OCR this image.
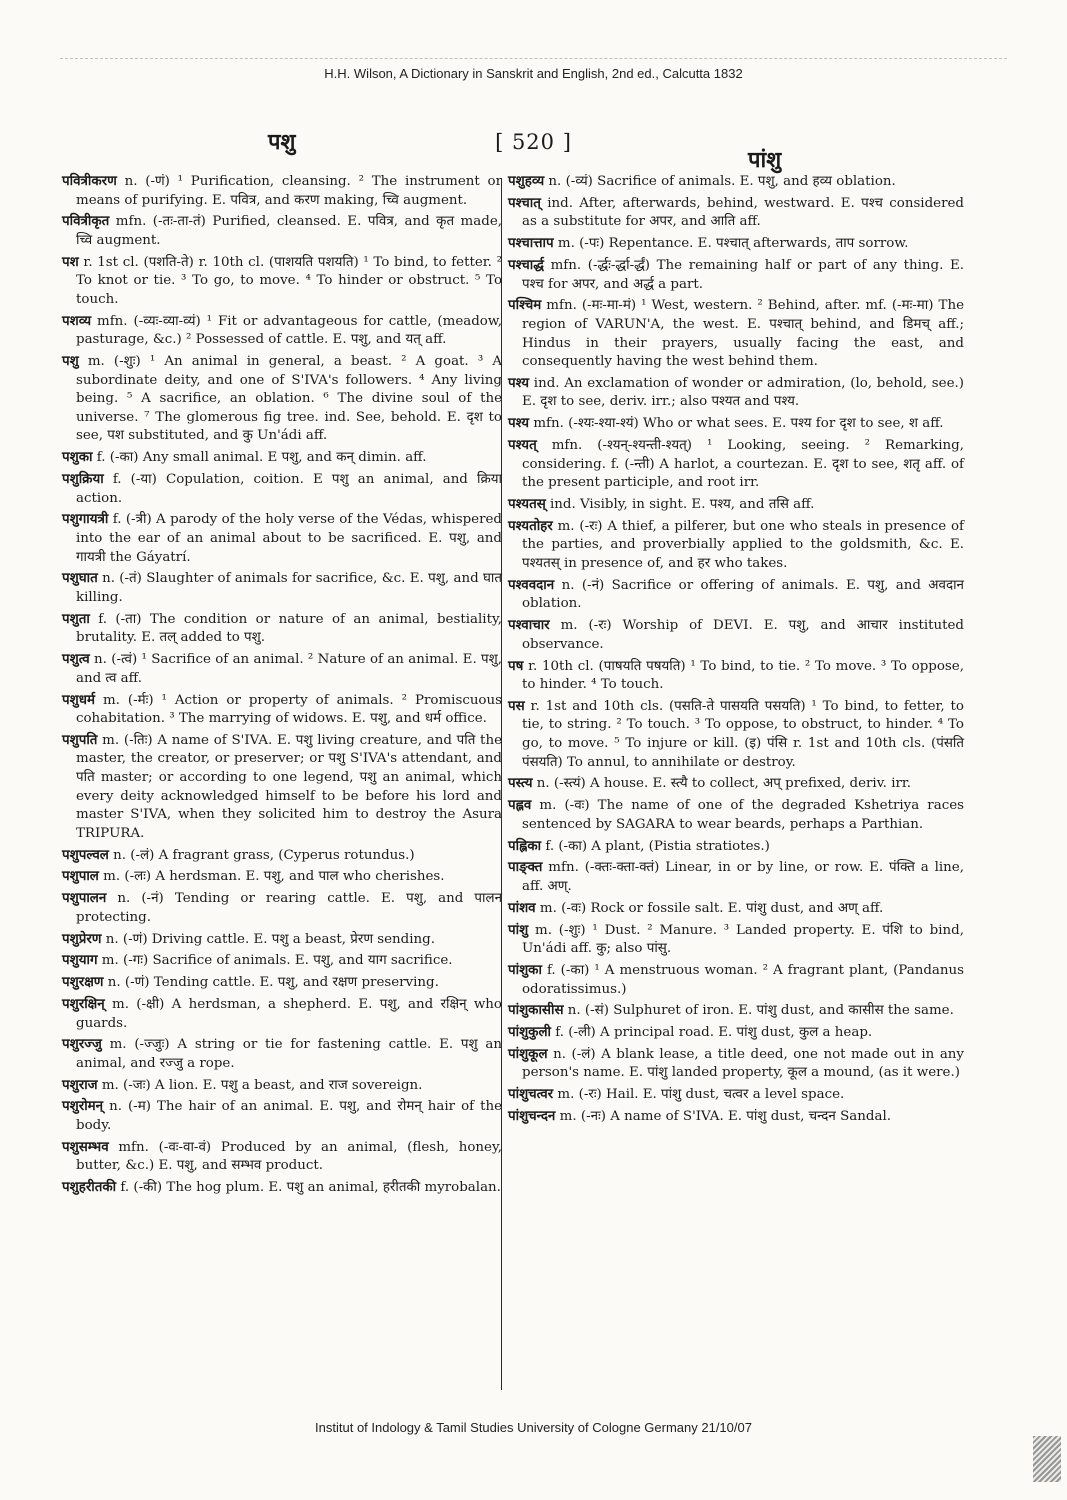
H.H. Wilson, A Dictionary in Sanskrit and English, 2nd ed., Calcutta 1832
पशु	[ 520 ]
पांशु

पवित्रीकरण n. (-णं) ¹ Purification, cleansing. ² The instrument or means of purifying. E. पवित्र, and करण making, च्वि augment.

पवित्रीकृत mfn. (-तः-ता-तं) Purified, cleansed. E. पवित्र, and कृत made, च्वि augment.

पश r. 1st cl. (पशति-ते) r. 10th cl. (पाशयति पशयति) ¹ To bind, to fetter. ² To knot or tie. ³ To go, to move. ⁴ To hinder or obstruct. ⁵ To touch.

पशव्य mfn. (-व्यः-व्या-व्यं) ¹ Fit or advantageous for cattle, (meadow, pasturage, &c.) ² Possessed of cattle. E. पशु, and यत् aff.

पशु m. (-शुः) ¹ An animal in general, a beast. ² A goat. ³ A subordinate deity, and one of S'IVA's followers. ⁴ Any living being. ⁵ A sacrifice, an oblation. ⁶ The divine soul of the universe. ⁷ The glomerous fig tree. ind. See, behold. E. दृश to see, पश substituted, and कु Un'ádi aff.

पशुका f. (-का) Any small animal. E पशु, and कन् dimin. aff.

पशुक्रिया f. (-या) Copulation, coition. E पशु an animal, and क्रिया action.

पशुगायत्री f. (-त्री) A parody of the holy verse of the Védas, whispered into the ear of an animal about to be sacrificed. E. पशु, and गायत्री the Gáyatrí.

पशुघात n. (-तं) Slaughter of animals for sacrifice, &c. E. पशु, and घात killing.

पशुता f. (-ता) The condition or nature of an animal, bestiality, brutality. E. तल् added to पशु.

पशुत्व n. (-त्वं) ¹ Sacrifice of an animal. ² Nature of an animal. E. पशु, and त्व aff.

पशुधर्म m. (-र्मः) ¹ Action or property of animals. ² Promiscuous cohabitation. ³ The marrying of widows. E. पशु, and धर्म office.

पशुपति m. (-तिः) A name of S'IVA. E. पशु living creature, and पति the master, the creator, or preserver; or पशु S'IVA's attendant, and पति master; or according to one legend, पशु an animal, which every deity acknowledged himself to be before his lord and master S'IVA, when they solicited him to destroy the Asura TRIPURA.

पशुपल्वल n. (-लं) A fragrant grass, (Cyperus rotundus.)

पशुपाल m. (-लः) A herdsman. E. पशु, and पाल who cherishes.

पशुपालन n. (-नं) Tending or rearing cattle. E. पशु, and पालन protecting.

पशुप्रेरण n. (-णं) Driving cattle. E. पशु a beast, प्रेरण sending.

पशुयाग m. (-गः) Sacrifice of animals. E. पशु, and याग sacrifice.

पशुरक्षण n. (-णं) Tending cattle. E. पशु, and रक्षण preserving.

पशुरक्षिन् m. (-क्षी) A herdsman, a shepherd. E. पशु, and रक्षिन् who guards.

पशुरज्जु m. (-ज्जुः) A string or tie for fastening cattle. E. पशु an animal, and रज्जु a rope.

पशुराज m. (-जः) A lion. E. पशु a beast, and राज sovereign.

पशुरोमन् n. (-म) The hair of an animal. E. पशु, and रोमन् hair of the body.

पशुसम्भव mfn. (-वः-वा-वं) Produced by an animal, (flesh, honey, butter, &c.) E. पशु, and सम्भव product.

पशुहरीतकी f. (-की) The hog plum. E. पशु an animal, हरीतकी myrobalan.

पशुहव्य n. (-व्यं) Sacrifice of animals. E. पशु, and हव्य oblation.

पश्चात् ind. After, afterwards, behind, westward. E. पश्च considered as a substitute for अपर, and आति aff.

पश्चात्ताप m. (-पः) Repentance. E. पश्चात् afterwards, ताप sorrow.

पश्चार्द्ध mfn. (-र्द्धः-र्द्धा-र्द्धं) The remaining half or part of any thing. E. पश्च for अपर, and अर्द्ध a part.

पश्चिम mfn. (-मः-मा-मं) ¹ West, western. ² Behind, after. mf. (-मः-मा) The region of VARUN'A, the west. E. पश्चात् behind, and डिमच् aff.; Hindus in their prayers, usually facing the east, and consequently having the west behind them.

पश्य ind. An exclamation of wonder or admiration, (lo, behold, see.) E. दृश to see, deriv. irr.; also पश्यत and पश्य.

पश्य mfn. (-श्यः-श्या-श्यं) Who or what sees. E. पश्य for दृश to see, श aff.

पश्यत् mfn. (-श्यन्-श्यन्ती-श्यत्) ¹ Looking, seeing. ² Remarking, considering. f. (-न्ती) A harlot, a courtezan. E. दृश to see, शतृ aff. of the present participle, and root irr.

पश्यतस् ind. Visibly, in sight. E. पश्य, and तसि aff.

पश्यतोहर m. (-रः) A thief, a pilferer, but one who steals in presence of the parties, and proverbially applied to the goldsmith, &c. E. पश्यतस् in presence of, and हर who takes.

पश्ववदान n. (-नं) Sacrifice or offering of animals. E. पशु, and अवदान oblation.

पश्वाचार m. (-रः) Worship of DEVI. E. पशु, and आचार instituted observance.

पष r. 10th cl. (पाषयति पषयति) ¹ To bind, to tie. ² To move. ³ To oppose, to hinder. ⁴ To touch.

पस r. 1st and 10th cls. (पसति-ते पासयति पसयति) ¹ To bind, to fetter, to tie, to string. ² To touch. ³ To oppose, to obstruct, to hinder. ⁴ To go, to move. ⁵ To injure or kill. (इ) पंसि r. 1st and 10th cls. (पंसति पंसयति) To annul, to annihilate or destroy.

पस्त्य n. (-स्त्यं) A house. E. स्त्यै to collect, अप् prefixed, deriv. irr.

पह्लव m. (-वः) The name of one of the degraded Kshetriya races sentenced by SAGARA to wear beards, perhaps a Parthian.

पह्लिका f. (-का) A plant, (Pistia stratiotes.)

पाङ्क्त mfn. (-क्तः-क्ता-क्तं) Linear, in or by line, or row. E. पंक्ति a line, aff. अण्.

पांशव m. (-वः) Rock or fossile salt. E. पांशु dust, and अण् aff.

पांशु m. (-शुः) ¹ Dust. ² Manure. ³ Landed property. E. पंशि to bind, Un'ádi aff. कु; also पांसु.

पांशुका f. (-का) ¹ A menstruous woman. ² A fragrant plant, (Pandanus odoratissimus.)

पांशुकासीस n. (-सं) Sulphuret of iron. E. पांशु dust, and कासीस the same.

पांशुकुली f. (-ली) A principal road. E. पांशु dust, कुल a heap.

पांशुकूल n. (-लं) A blank lease, a title deed, one not made out in any person's name. E. पांशु landed property, कूल a mound, (as it were.)

पांशुचत्वर m. (-रः) Hail. E. पांशु dust, चत्वर a level space.

पांशुचन्दन m. (-नः) A name of S'IVA. E. पांशु dust, चन्दन Sandal.

Institut of Indology & Tamil Studies University of Cologne Germany 21/10/07
